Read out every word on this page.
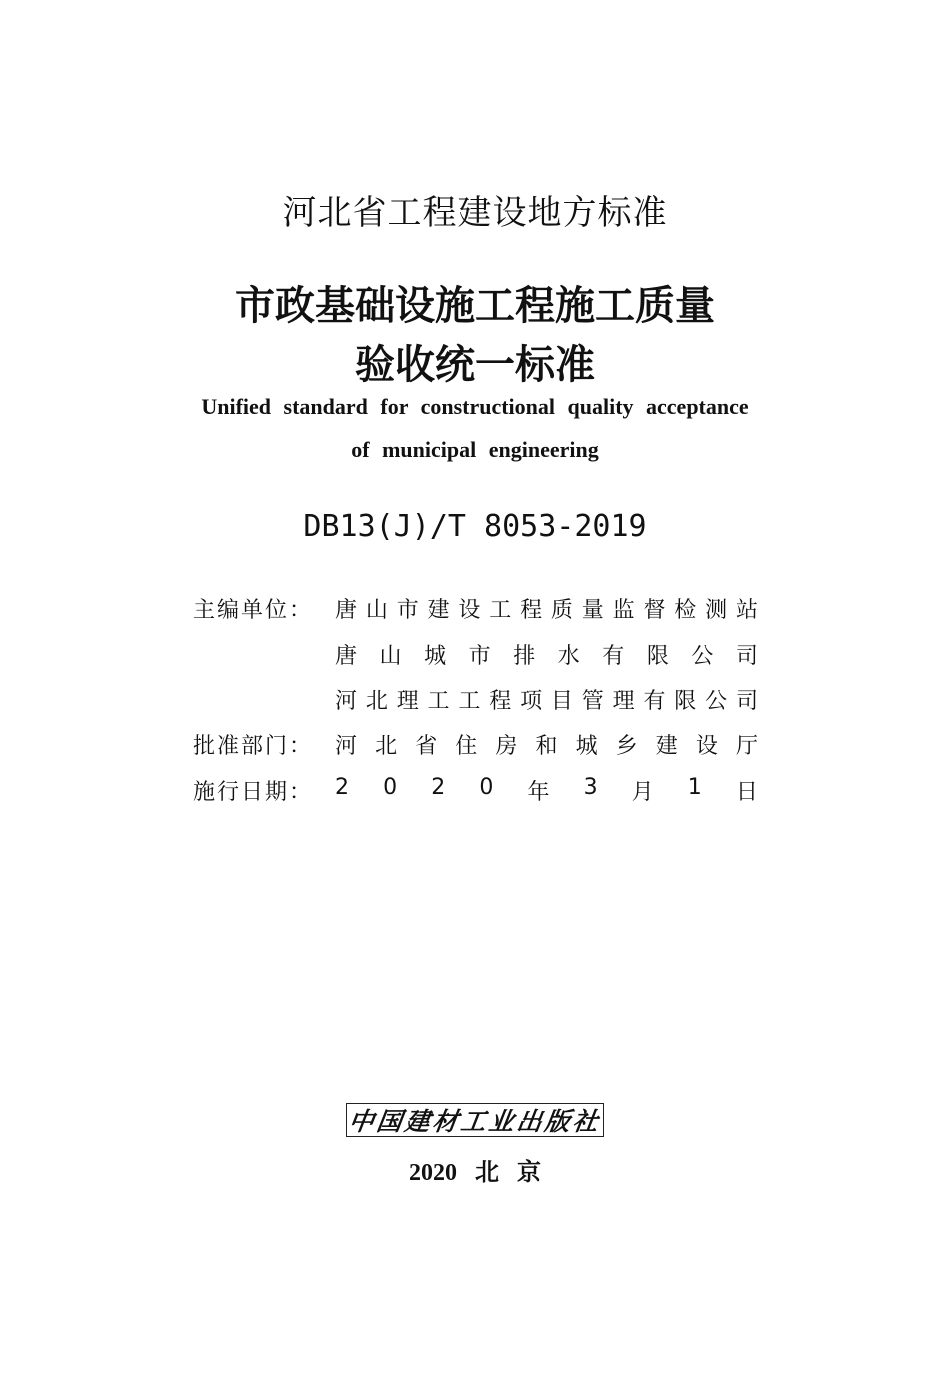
河北省工程建设地方标准
市政基础设施工程施工质量
验收统一标准
Unified standard for constructional quality acceptance
of municipal engineering
DB13(J)/T 8053-2019
主编单位： 唐 山 市 建 设 工 程 质 量 监 督 检 测 站
唐 山 城 市 排 水 有 限 公 司
河 北 理 工 工 程 项 目 管 理 有 限 公 司
批准部门： 河 北 省 住 房 和 城 乡 建 设 厅
施行日期： 2 0 2 0 年 3 月 1 日
中国建材工业出版社
2020 北 京
